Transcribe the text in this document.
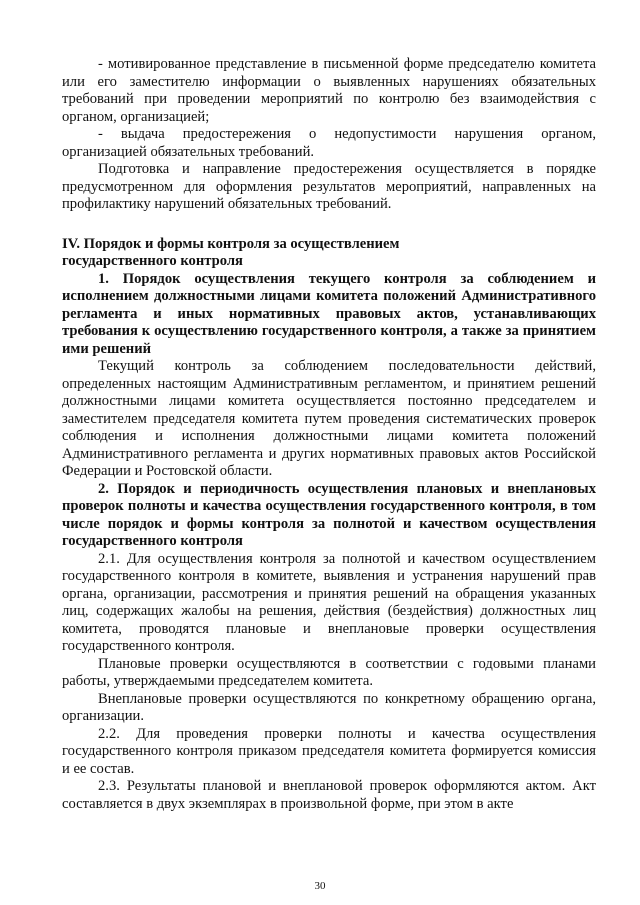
- мотивированное представление в письменной форме председателю комитета или его заместителю информации о выявленных нарушениях обязательных требований при проведении мероприятий по контролю без взаимодействия с органом, организацией;

- выдача предостережения о недопустимости нарушения органом, организацией обязательных требований.

Подготовка и направление предостережения осуществляется в порядке предусмотренном для оформления результатов мероприятий, направленных на профилактику нарушений обязательных требований.

IV. Порядок и формы контроля за осуществлением

государственного контроля

1. Порядок осуществления текущего контроля за соблюдением и исполнением должностными лицами комитета положений Административного регламента и иных нормативных правовых актов, устанавливающих требования к осуществлению государственного контроля, а также за принятием ими решений

Текущий контроль за соблюдением последовательности действий, определенных настоящим Административным регламентом, и принятием решений должностными лицами комитета осуществляется постоянно председателем и заместителем председателя комитета путем проведения систематических проверок соблюдения и исполнения должностными лицами комитета положений Административного регламента и других нормативных правовых актов Российской Федерации и Ростовской области.

2. Порядок и периодичность осуществления плановых и внеплановых проверок полноты и качества осуществления государственного контроля, в том числе порядок и формы контроля за полнотой и качеством осуществления государственного контроля

2.1. Для осуществления контроля за полнотой и качеством осуществлением государственного контроля в комитете, выявления и устранения нарушений прав органа, организации, рассмотрения и принятия решений на обращения указанных лиц, содержащих жалобы на решения, действия (бездействия) должностных лиц комитета, проводятся плановые и внеплановые проверки осуществления государственного контроля.

Плановые проверки осуществляются в соответствии с годовыми планами работы, утверждаемыми председателем комитета.

Внеплановые проверки осуществляются по конкретному обращению органа, организации.

2.2. Для проведения проверки полноты и качества осуществления государственного контроля приказом председателя комитета формируется комиссия и ее состав.

2.3. Результаты плановой и внеплановой проверок оформляются актом. Акт составляется в двух экземплярах в произвольной форме, при этом в акте

30
